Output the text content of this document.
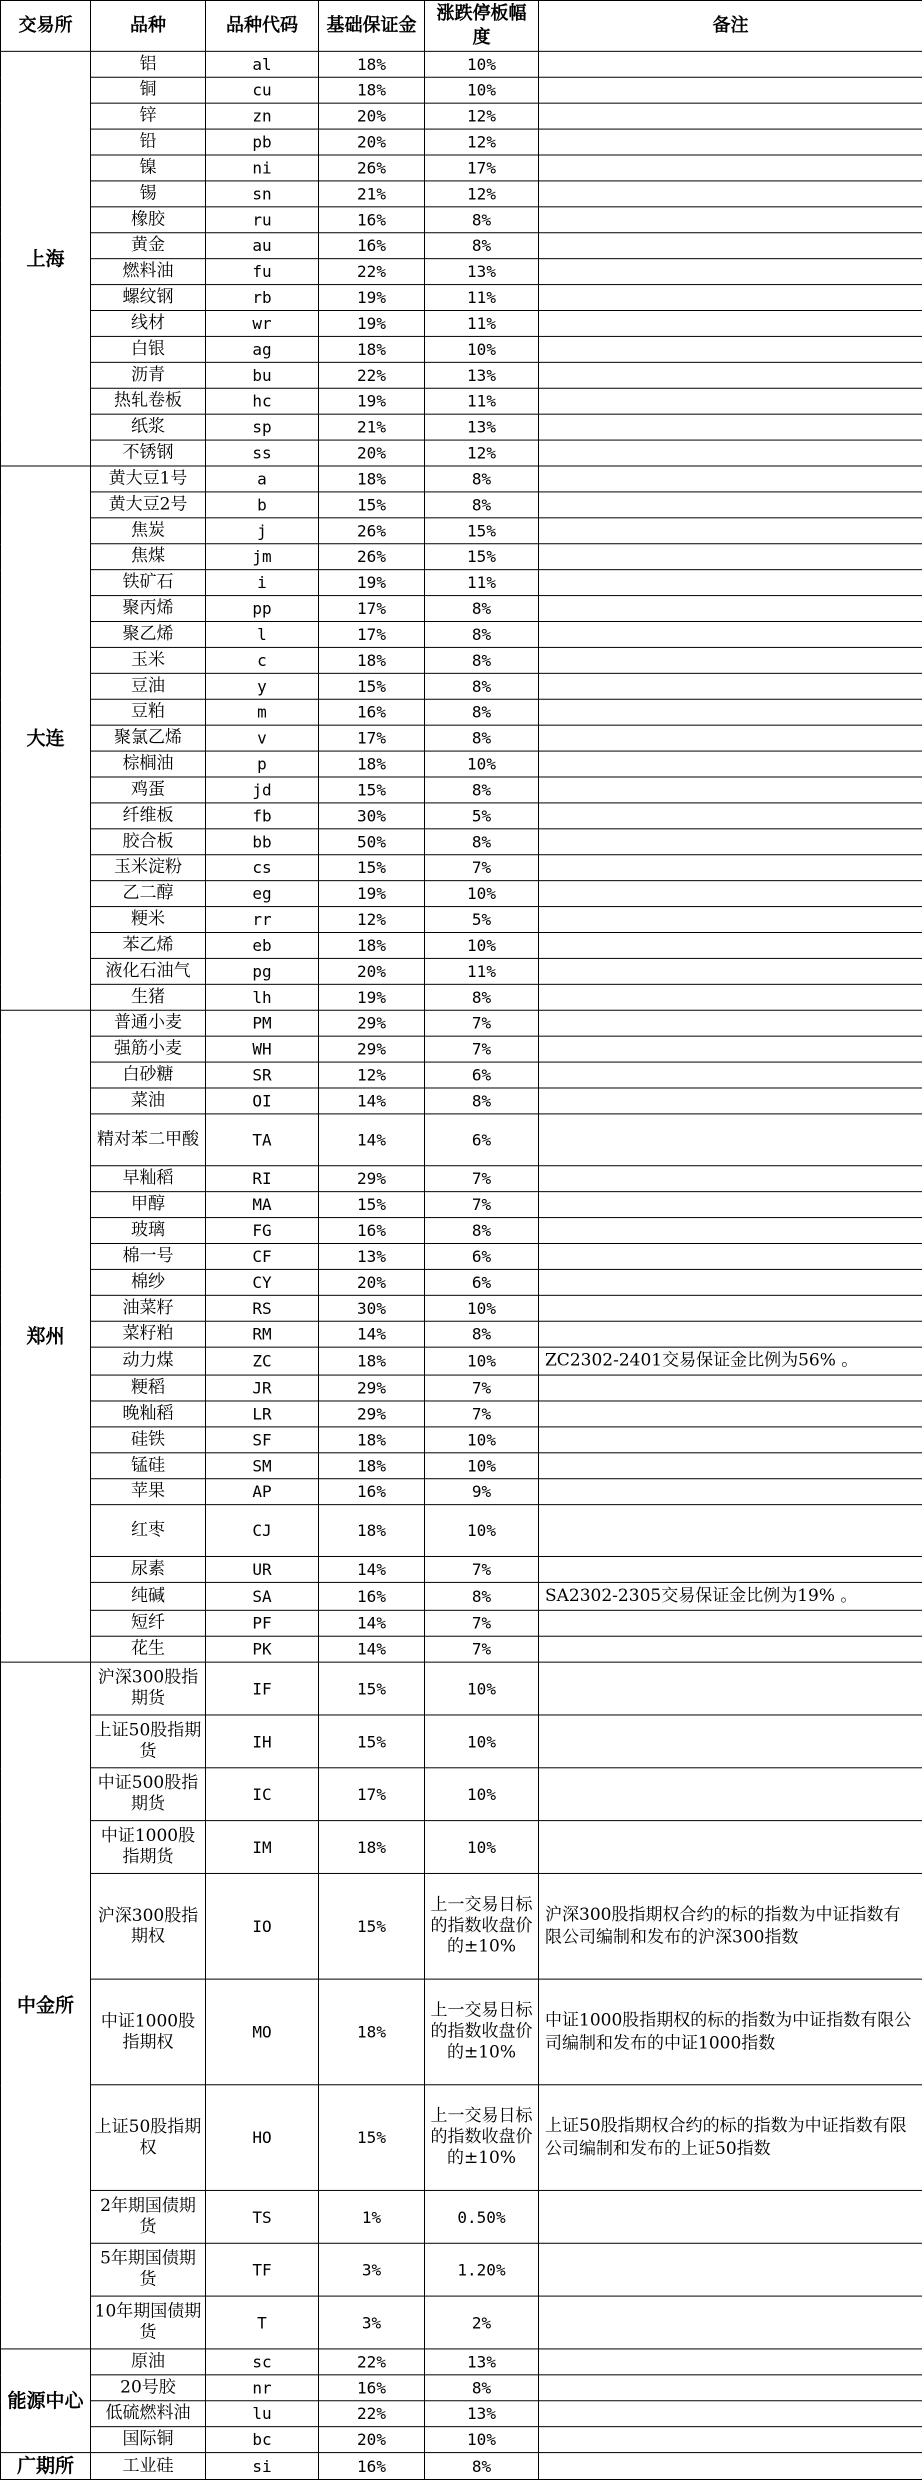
交易所	品种	品种代码	基础保证金	涨跌停板幅度	备注
上海	铝	al	18%	10%	
	铜	cu	18%	10%	
	锌	zn	20%	12%	
	铅	pb	20%	12%	
	镍	ni	26%	17%	
	锡	sn	21%	12%	
	橡胶	ru	16%	8%	
	黄金	au	16%	8%	
	燃料油	fu	22%	13%	
	螺纹钢	rb	19%	11%	
	线材	wr	19%	11%	
	白银	ag	18%	10%	
	沥青	bu	22%	13%	
	热轧卷板	hc	19%	11%	
	纸浆	sp	21%	13%	
	不锈钢	ss	20%	12%	
大连	黄大豆1号	a	18%	8%	
	黄大豆2号	b	15%	8%	
	焦炭	j	26%	15%	
	焦煤	jm	26%	15%	
	铁矿石	i	19%	11%	
	聚丙烯	pp	17%	8%	
	聚乙烯	l	17%	8%	
	玉米	c	18%	8%	
	豆油	y	15%	8%	
	豆粕	m	16%	8%	
	聚氯乙烯	v	17%	8%	
	棕榈油	p	18%	10%	
	鸡蛋	jd	15%	8%	
	纤维板	fb	30%	5%	
	胶合板	bb	50%	8%	
	玉米淀粉	cs	15%	7%	
	乙二醇	eg	19%	10%	
	粳米	rr	12%	5%	
	苯乙烯	eb	18%	10%	
	液化石油气	pg	20%	11%	
	生猪	lh	19%	8%	
郑州	普通小麦	PM	29%	7%	
	强筋小麦	WH	29%	7%	
	白砂糖	SR	12%	6%	
	菜油	OI	14%	8%	
	精对苯二甲酸	TA	14%	6%	
	早籼稻	RI	29%	7%	
	甲醇	MA	15%	7%	
	玻璃	FG	16%	8%	
	棉一号	CF	13%	6%	
	棉纱	CY	20%	6%	
	油菜籽	RS	30%	10%	
	菜籽粕	RM	14%	8%	
	动力煤	ZC	18%	10%	ZC2302-2401交易保证金比例为56% 。
	粳稻	JR	29%	7%	
	晚籼稻	LR	29%	7%	
	硅铁	SF	18%	10%	
	锰硅	SM	18%	10%	
	苹果	AP	16%	9%	
	红枣	CJ	18%	10%	
	尿素	UR	14%	7%	
	纯碱	SA	16%	8%	SA2302-2305交易保证金比例为19% 。
	短纤	PF	14%	7%	
	花生	PK	14%	7%	
中金所	沪深300股指期货	IF	15%	10%	
	上证50股指期货	IH	15%	10%	
	中证500股指期货	IC	17%	10%	
	中证1000股指期货	IM	18%	10%	
	沪深300股指期权	IO	15%	上一交易日标的指数收盘价的±10%	沪深300股指期权合约的标的指数为中证指数有限公司编制和发布的沪深300指数
	中证1000股指期权	MO	18%	上一交易日标的指数收盘价的±10%	中证1000股指期权的标的指数为中证指数有限公司编制和发布的中证1000指数
	上证50股指期权	HO	15%	上一交易日标的指数收盘价的±10%	上证50股指期权合约的标的指数为中证指数有限公司编制和发布的上证50指数
	2年期国债期货	TS	1%	0.50%	
	5年期国债期货	TF	3%	1.20%	
	10年期国债期货	T	3%	2%	
能源中心	原油	sc	22%	13%	
	20号胶	nr	16%	8%	
	低硫燃料油	lu	22%	13%	
	国际铜	bc	20%	10%	
广期所	工业硅	si	16%	8%	
